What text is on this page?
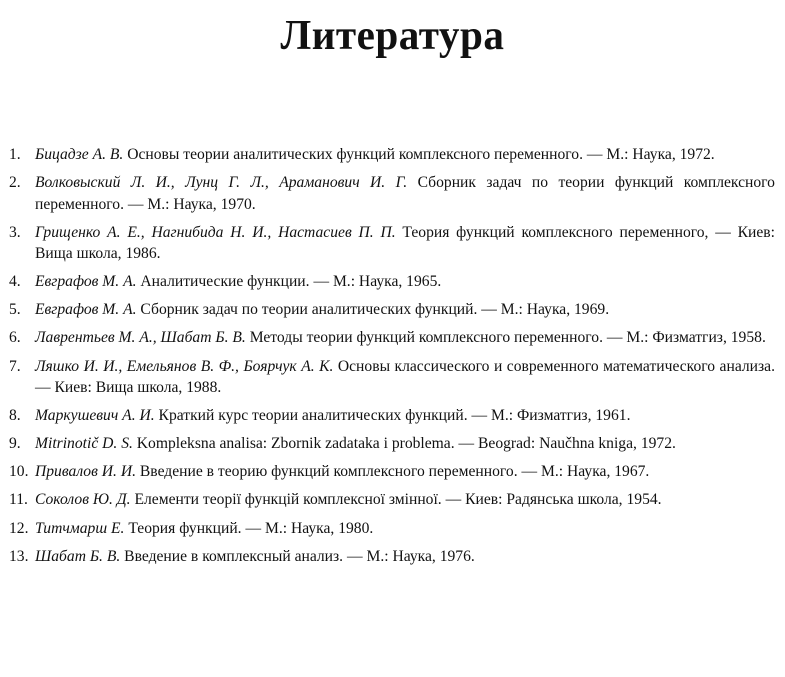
Литература
1. Бицадзе А. В. Основы теории аналитических функций комплексного переменного. — М.: Наука, 1972.
2. Волковыский Л. И., Лунц Г. Л., Араманович И. Г. Сборник задач по теории функций комплексного переменного. — М.: Наука, 1970.
3. Грищенко А. Е., Нагнибида Н. И., Настасиев П. П. Теория функций комплексного переменного, — Киев: Вища школа, 1986.
4. Евграфов М. А. Аналитические функции. — М.: Наука, 1965.
5. Евграфов М. А. Сборник задач по теории аналитических функций. — М.: Наука, 1969.
6. Лаврентьев М. А., Шабат Б. В. Методы теории функций комплексного переменного. — М.: Физматгиз, 1958.
7. Ляшко И. И., Емельянов В. Ф., Боярчук А. К. Основы классического и современного математического анализа. — Киев: Вища школа, 1988.
8. Маркушевич А. И. Краткий курс теории аналитических функций. — М.: Физматгиз, 1961.
9. Mitrinotič D. S. Kompleksna analisa: Zbornik zadataka i problema. — Beograd: Naučhna kniga, 1972.
10. Привалов И. И. Введение в теорию функций комплексного переменного. — М.: Наука, 1967.
11. Соколов Ю. Д. Елементи теорії функцій комплексної змінної. — Киев: Радянська школа, 1954.
12. Титчмарш Е. Теория функций. — М.: Наука, 1980.
13. Шабат Б. В. Введение в комплексный анализ. — М.: Наука, 1976.
